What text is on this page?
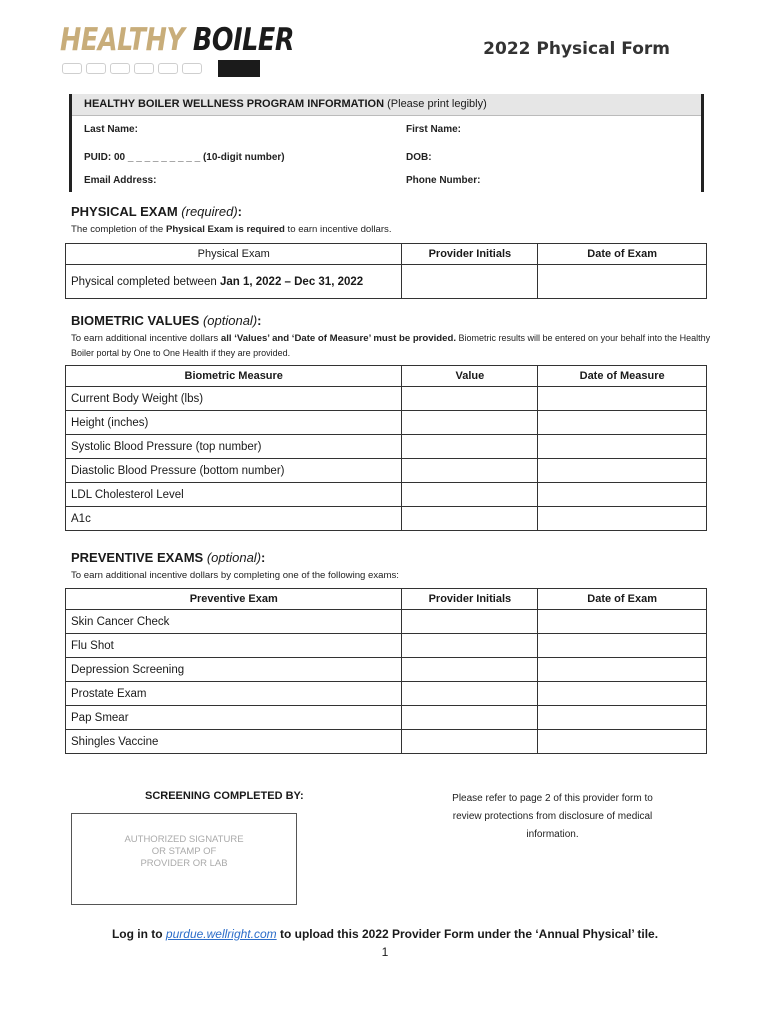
HEALTHY BOILER	2022 Physical Form
HEALTHY BOILER WELLNESS PROGRAM INFORMATION (Please print legibly)
Last Name:	First Name:
PUID: 00 _ _ _ _ _ _ _ _ _ (10-digit number)	DOB:
Email Address:	Phone Number:
PHYSICAL EXAM (required):
The completion of the Physical Exam is required to earn incentive dollars.
Physical Exam	Provider Initials	Date of Exam
Physical completed between Jan 1, 2022 – Dec 31, 2022		
BIOMETRIC VALUES (optional):
To earn additional incentive dollars all ‘Values’ and ‘Date of Measure’ must be provided. Biometric results will be entered on your behalf into the Healthy Boiler portal by One to One Health if they are provided.
Biometric Measure	Value	Date of Measure
Current Body Weight (lbs)		
Height (inches)		
Systolic Blood Pressure (top number)		
Diastolic Blood Pressure (bottom number)		
LDL Cholesterol Level		
A1c		
PREVENTIVE EXAMS (optional):
To earn additional incentive dollars by completing one of the following exams:
Preventive Exam	Provider Initials	Date of Exam
Skin Cancer Check		
Flu Shot		
Depression Screening		
Prostate Exam		
Pap Smear		
Shingles Vaccine		
SCREENING COMPLETED BY:
AUTHORIZED SIGNATURE
OR STAMP OF
PROVIDER OR LAB
Please refer to page 2 of this provider form to review protections from disclosure of medical information.
Log in to purdue.wellright.com to upload this 2022 Provider Form under the ‘Annual Physical’ tile.
1
